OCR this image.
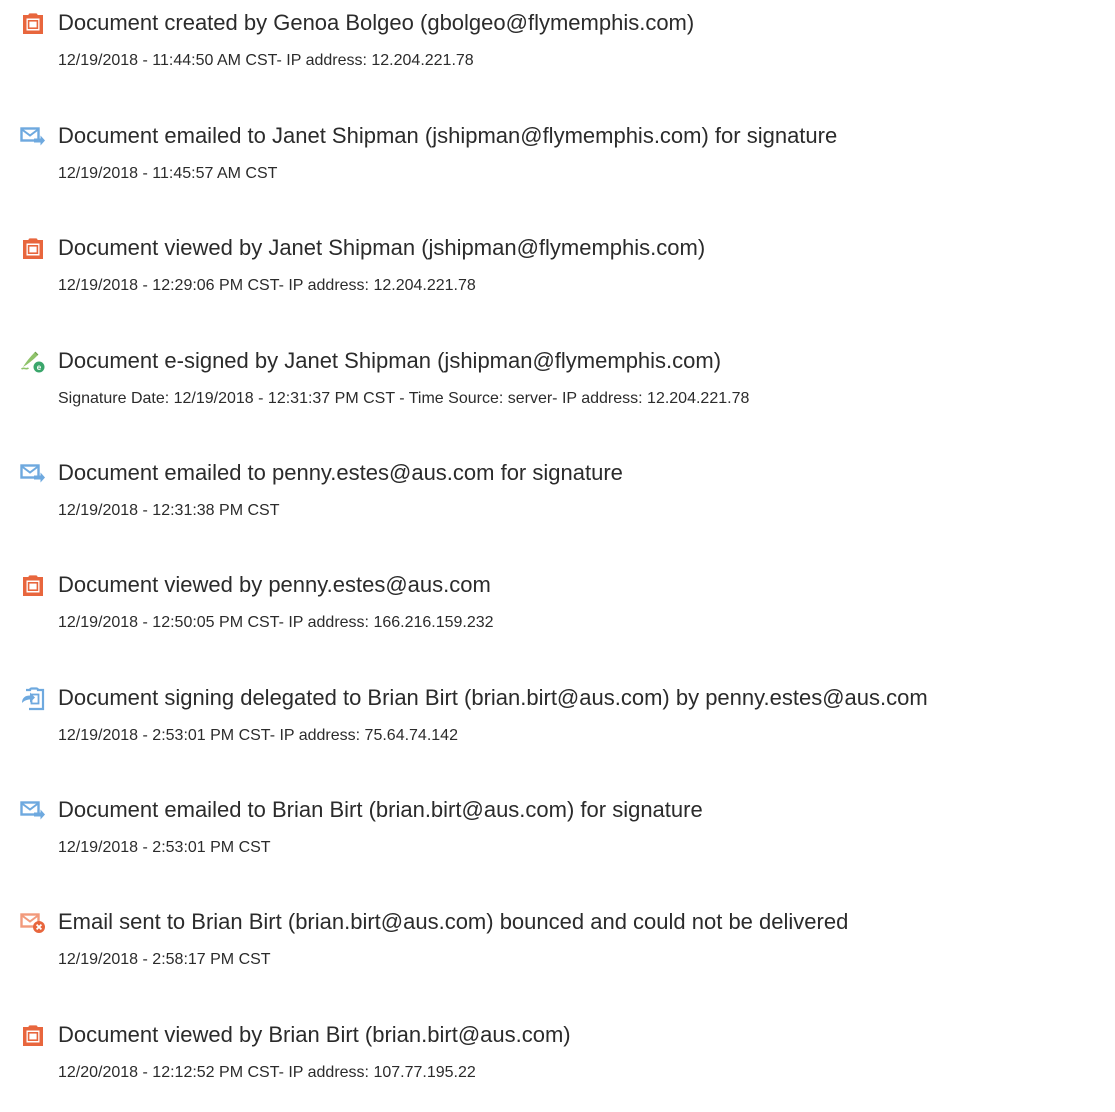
Document created by Genoa Bolgeo (gbolgeo@flymemphis.com)
12/19/2018 - 11:44:50 AM CST- IP address: 12.204.221.78
Document emailed to Janet Shipman (jshipman@flymemphis.com) for signature
12/19/2018 - 11:45:57 AM CST
Document viewed by Janet Shipman (jshipman@flymemphis.com)
12/19/2018 - 12:29:06 PM CST- IP address: 12.204.221.78
e Document e-signed by Janet Shipman (jshipman@flymemphis.com)
Signature Date: 12/19/2018 - 12:31:37 PM CST - Time Source: server- IP address: 12.204.221.78
Document emailed to penny.estes@aus.com for signature
12/19/2018 - 12:31:38 PM CST
Document viewed by penny.estes@aus.com
12/19/2018 - 12:50:05 PM CST- IP address: 166.216.159.232
Document signing delegated to Brian Birt (brian.birt@aus.com) by penny.estes@aus.com
12/19/2018 - 2:53:01 PM CST- IP address: 75.64.74.142
Document emailed to Brian Birt (brian.birt@aus.com) for signature
12/19/2018 - 2:53:01 PM CST
Email sent to Brian Birt (brian.birt@aus.com) bounced and could not be delivered
12/19/2018 - 2:58:17 PM CST
Document viewed by Brian Birt (brian.birt@aus.com)
12/20/2018 - 12:12:52 PM CST- IP address: 107.77.195.22
